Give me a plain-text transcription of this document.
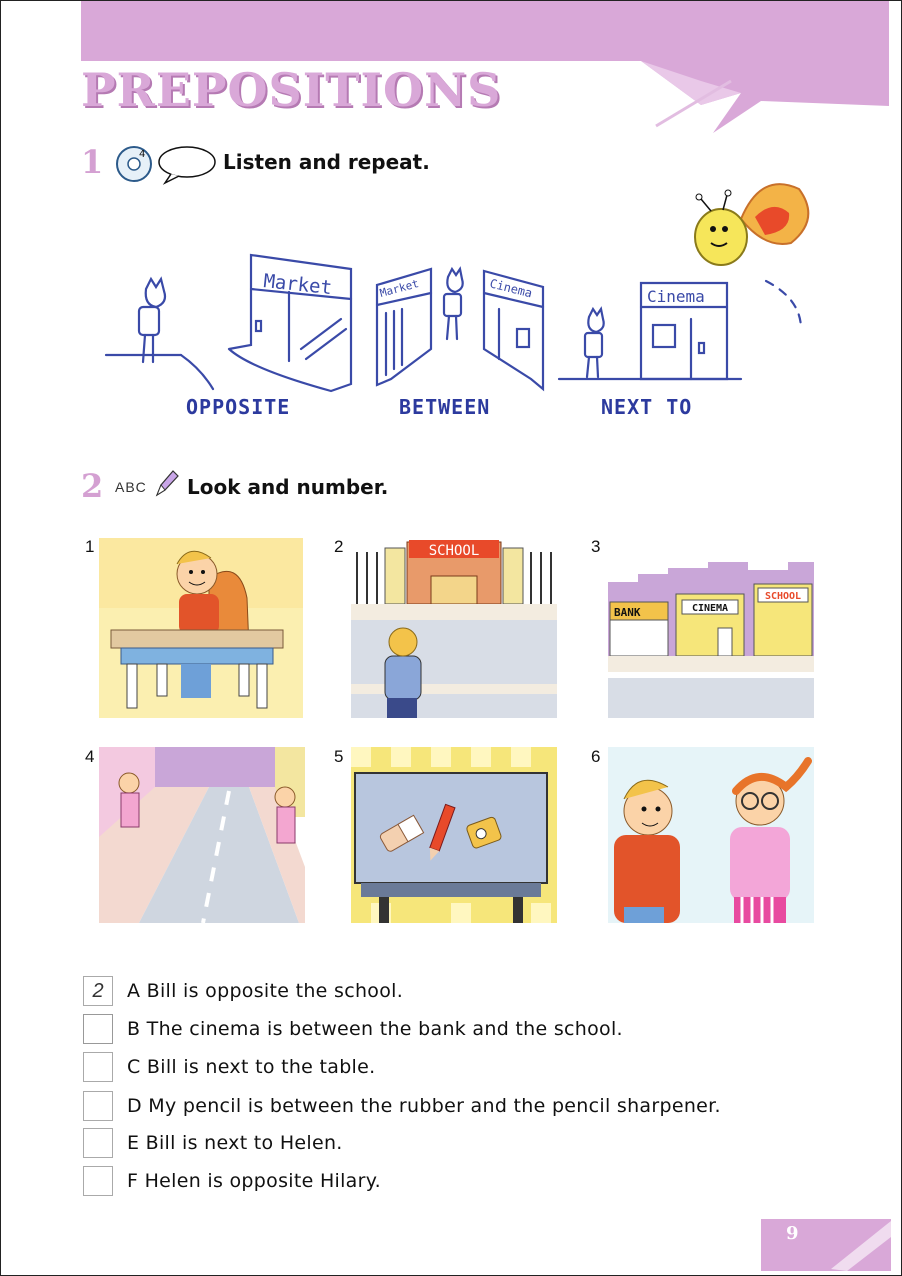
PREPOSITIONS
1	4	Listen and repeat.
Market	Market	Cinema	Cinema
OPPOSITE	BETWEEN	NEXT TO
2 ABC Look and number.
1	2	3
4	5	6
SCHOOL
BANK	CINEMA
SCHOOL
2	A Bill is opposite the school.
B The cinema is between the bank and the school.
C Bill is next to the table.
D My pencil is between the rubber and the pencil sharpener.
E Bill is next to Helen.
F Helen is opposite Hilary.
9
